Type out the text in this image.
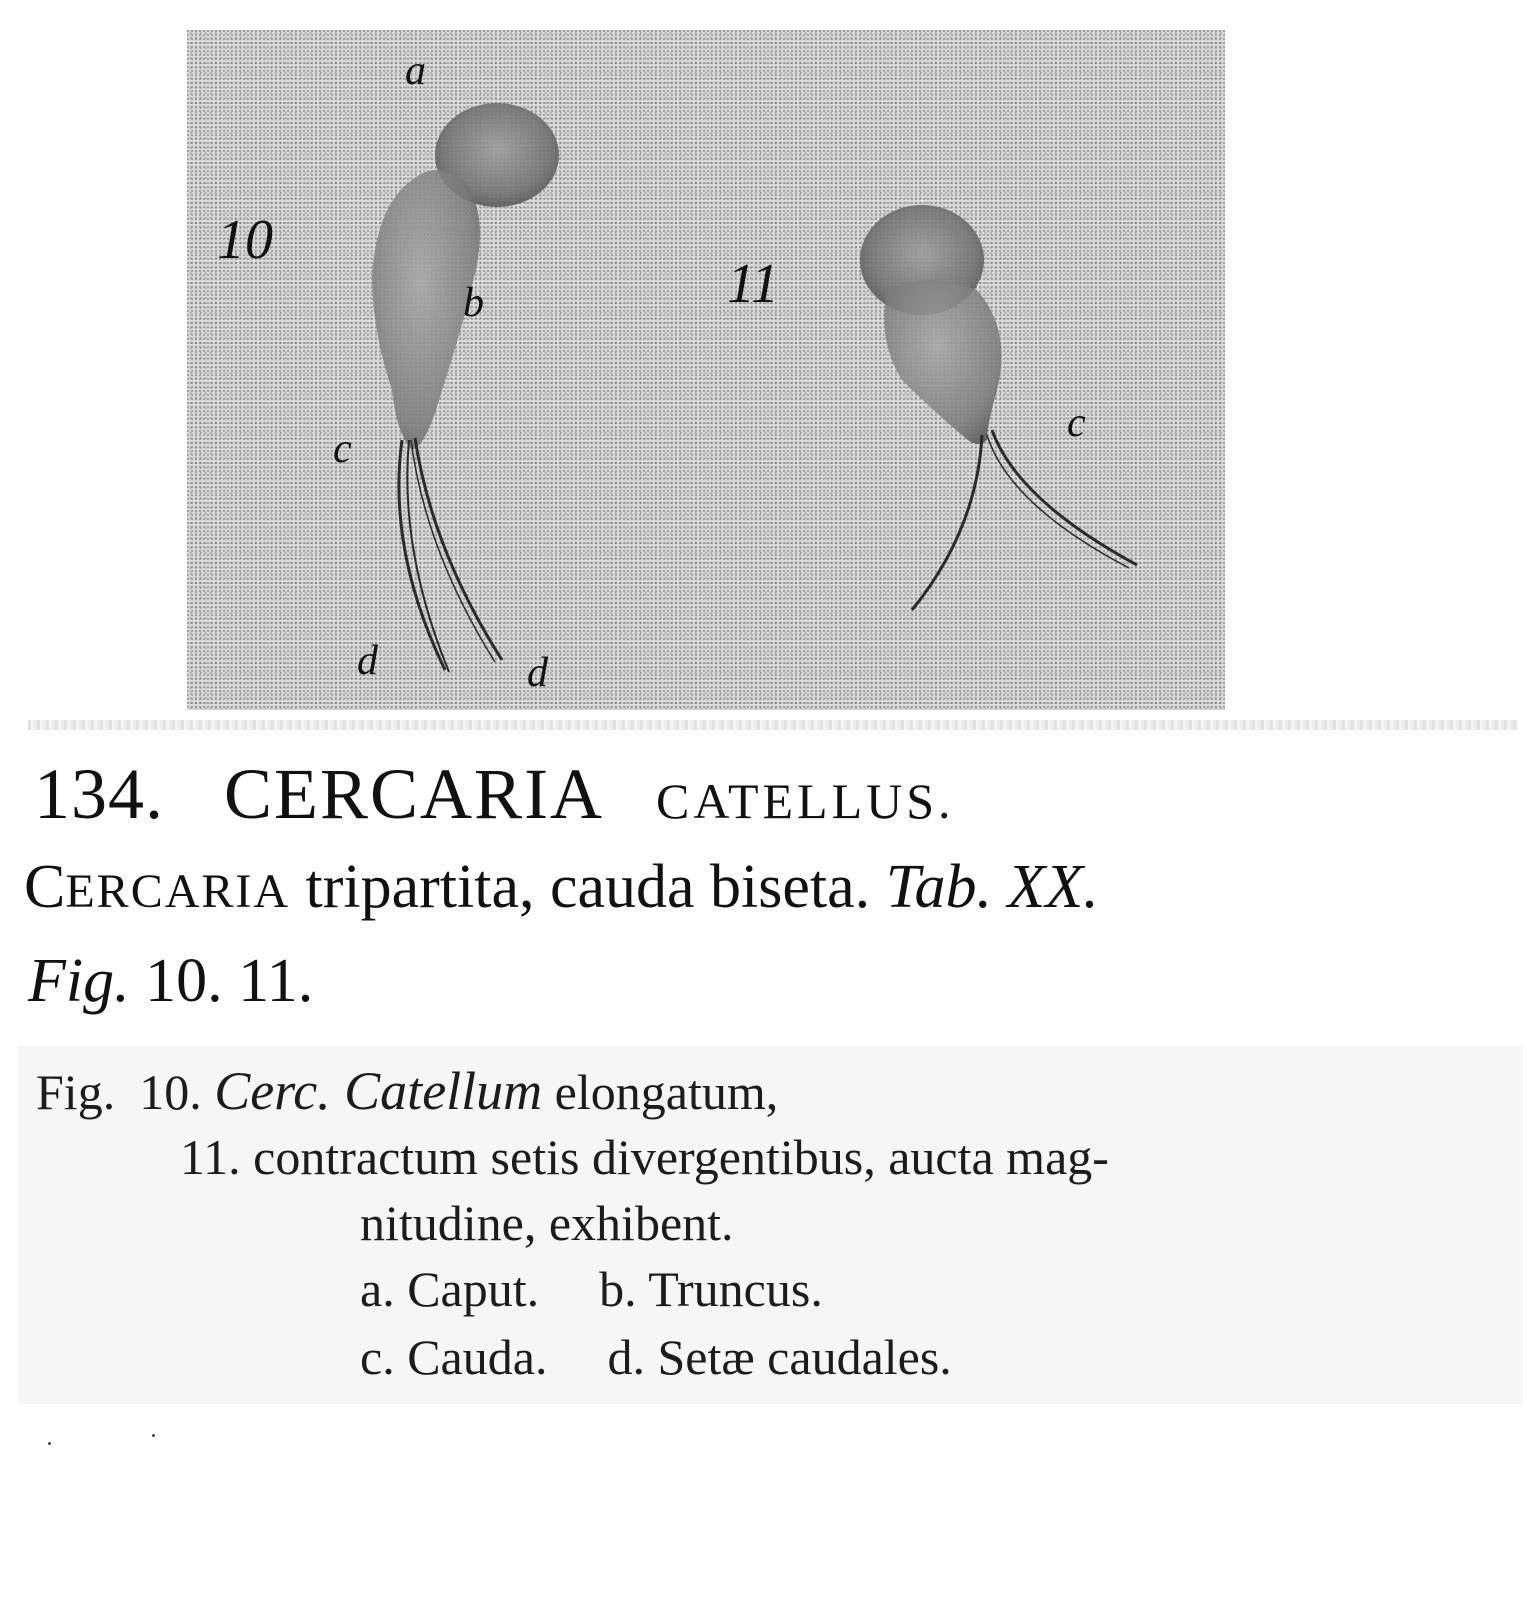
a
10
b
c
d	d
11
c
134. CERCARIA CATELLUS.
CERCARIA tripartita, cauda biseta. Tab. XX.
Fig. 10. 11.
Fig. 10. Cerc. Catellum elongatum,
11. contractum setis divergentibus, aucta mag-
nitudine, exhibent.
a. Caput. b. Truncus.
c. Cauda. d. Setæ caudales.
